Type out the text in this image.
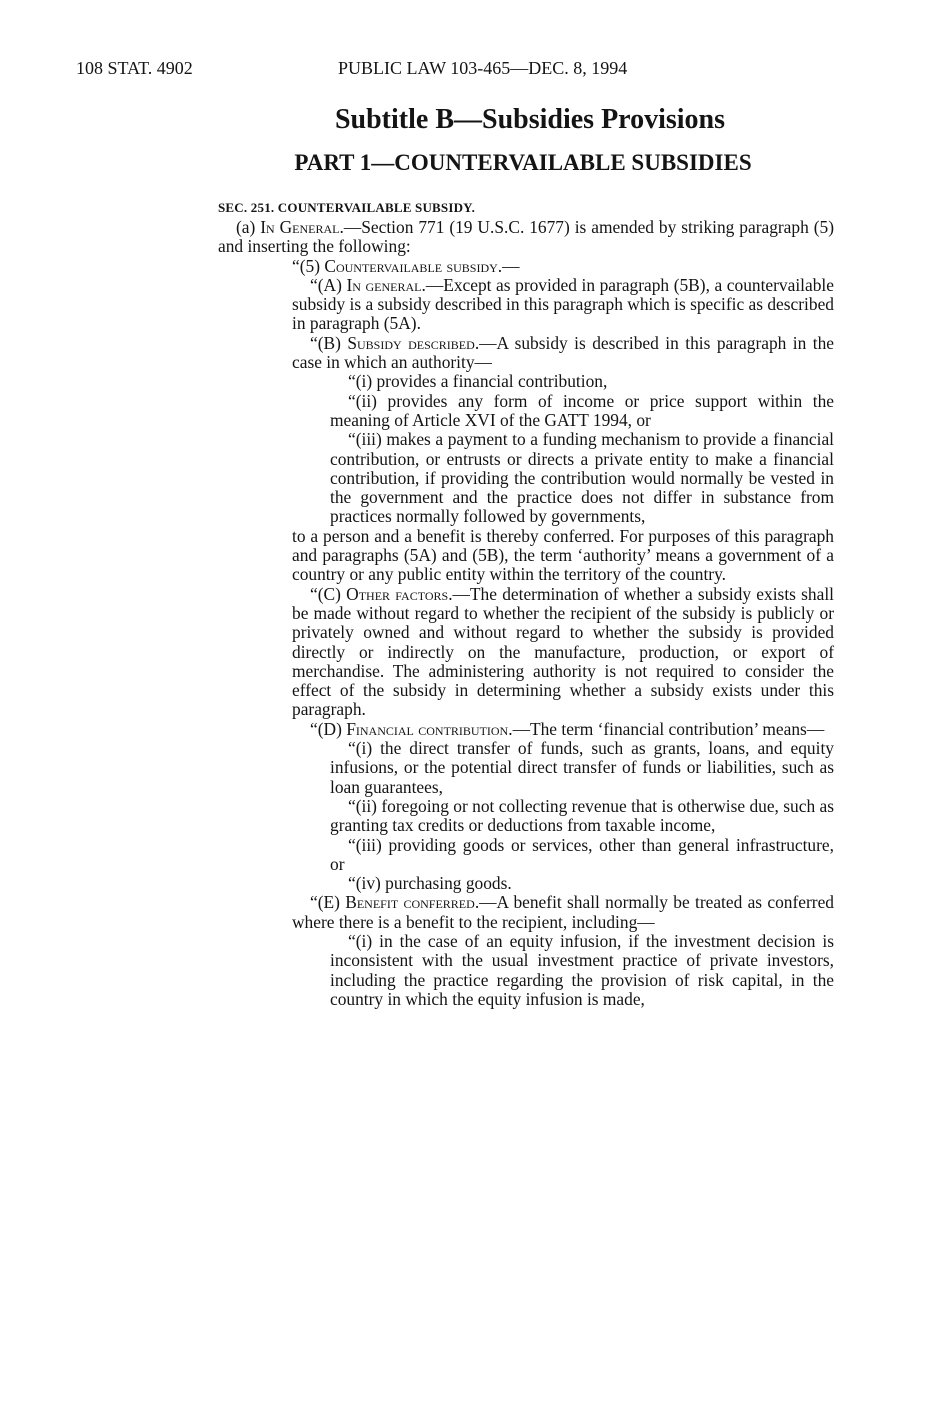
108 STAT. 4902	PUBLIC LAW 103-465—DEC. 8, 1994
Subtitle B—Subsidies Provisions
PART 1—COUNTERVAILABLE SUBSIDIES
SEC. 251. COUNTERVAILABLE SUBSIDY.

(a) In General.—Section 771 (19 U.S.C. 1677) is amended by striking paragraph (5) and inserting the following:

“(5) Countervailable subsidy.—

“(A) In general.—Except as provided in paragraph (5B), a countervailable subsidy is a subsidy described in this paragraph which is specific as described in paragraph (5A).

“(B) Subsidy described.—A subsidy is described in this paragraph in the case in which an authority—

“(i) provides a financial contribution,

“(ii) provides any form of income or price support within the meaning of Article XVI of the GATT 1994, or

“(iii) makes a payment to a funding mechanism to provide a financial contribution, or entrusts or directs a private entity to make a financial contribution, if providing the contribution would normally be vested in the government and the practice does not differ in substance from practices normally followed by governments,

to a person and a benefit is thereby conferred. For purposes of this paragraph and paragraphs (5A) and (5B), the term ‘authority’ means a government of a country or any public entity within the territory of the country.

“(C) Other factors.—The determination of whether a subsidy exists shall be made without regard to whether the recipient of the subsidy is publicly or privately owned and without regard to whether the subsidy is provided directly or indirectly on the manufacture, production, or export of merchandise. The administering authority is not required to consider the effect of the subsidy in determining whether a subsidy exists under this paragraph.

“(D) Financial contribution.—The term ‘financial contribution’ means—

“(i) the direct transfer of funds, such as grants, loans, and equity infusions, or the potential direct transfer of funds or liabilities, such as loan guarantees,

“(ii) foregoing or not collecting revenue that is otherwise due, such as granting tax credits or deductions from taxable income,

“(iii) providing goods or services, other than general infrastructure, or

“(iv) purchasing goods.

“(E) Benefit conferred.—A benefit shall normally be treated as conferred where there is a benefit to the recipient, including—

“(i) in the case of an equity infusion, if the investment decision is inconsistent with the usual investment practice of private investors, including the practice regarding the provision of risk capital, in the country in which the equity infusion is made,
